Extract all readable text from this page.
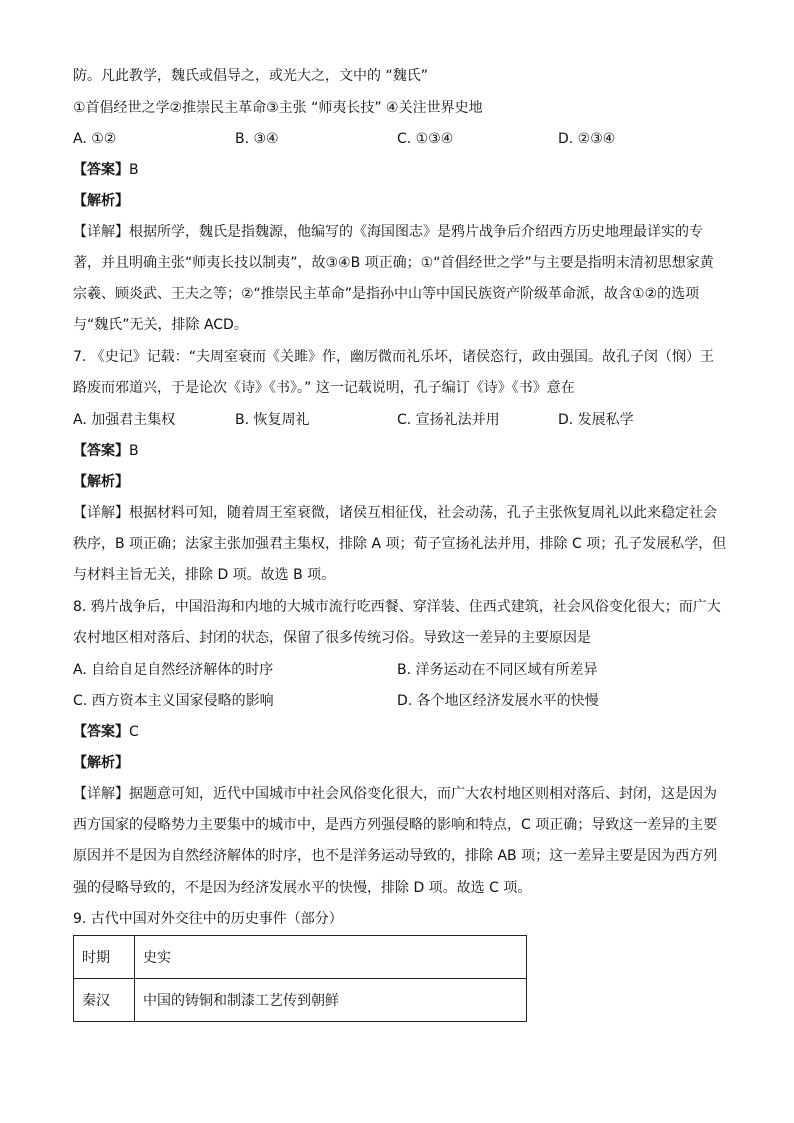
防。凡此教学，魏氏或倡导之，或光大之，文中的 “魏氏”
①首倡经世之学②推崇民主革命③主张 “师夷长技” ④关注世界史地
A. ①②	B. ③④	C. ①③④	D. ②③④
【答案】B
【解析】
【详解】根据所学，魏氏是指魏源，他编写的《海国图志》是鸦片战争后介绍西方历史地理最详实的专
著，并且明确主张“师夷长技以制夷”，故③④B 项正确；①“首倡经世之学”与主要是指明末清初思想家黄
宗羲、顾炎武、王夫之等；②“推崇民主革命”是指孙中山等中国民族资产阶级革命派，故含①②的选项
与“魏氏”无关，排除 ACD。
7. 《史记》记载：“夫周室衰而《关雎》作，幽厉微而礼乐坏，诸侯恣行，政由强国。故孔子闵（悯）王
路废而邪道兴，于是论次《诗》《书》。” 这一记载说明，孔子编订《诗》《书》意在
A. 加强君主集权	B. 恢复周礼	C. 宣扬礼法并用	D. 发展私学
【答案】B
【解析】
【详解】根据材料可知，随着周王室衰微，诸侯互相征伐，社会动荡，孔子主张恢复周礼以此来稳定社会
秩序，B 项正确；法家主张加强君主集权，排除 A 项；荀子宣扬礼法并用，排除 C 项；孔子发展私学，但
与材料主旨无关，排除 D 项。故选 B 项。
8. 鸦片战争后，中国沿海和内地的大城市流行吃西餐、穿洋装、住西式建筑，社会风俗变化很大；而广大
农村地区相对落后、封闭的状态，保留了很多传统习俗。导致这一差异的主要原因是
A. 自给自足自然经济解体的时序	B. 洋务运动在不同区域有所差异
C. 西方资本主义国家侵略的影响	D. 各个地区经济发展水平的快慢
【答案】C
【解析】
【详解】据题意可知，近代中国城市中社会风俗变化很大，而广大农村地区则相对落后、封闭，这是因为
西方国家的侵略势力主要集中的城市中，是西方列强侵略的影响和特点，C 项正确；导致这一差异的主要
原因并不是因为自然经济解体的时序，也不是洋务运动导致的，排除 AB 项；这一差异主要是因为西方列
强的侵略导致的，不是因为经济发展水平的快慢，排除 D 项。故选 C 项。
9. 古代中国对外交往中的历史事件（部分）
时期	史实
秦汉	中国的铸铜和制漆工艺传到朝鲜
